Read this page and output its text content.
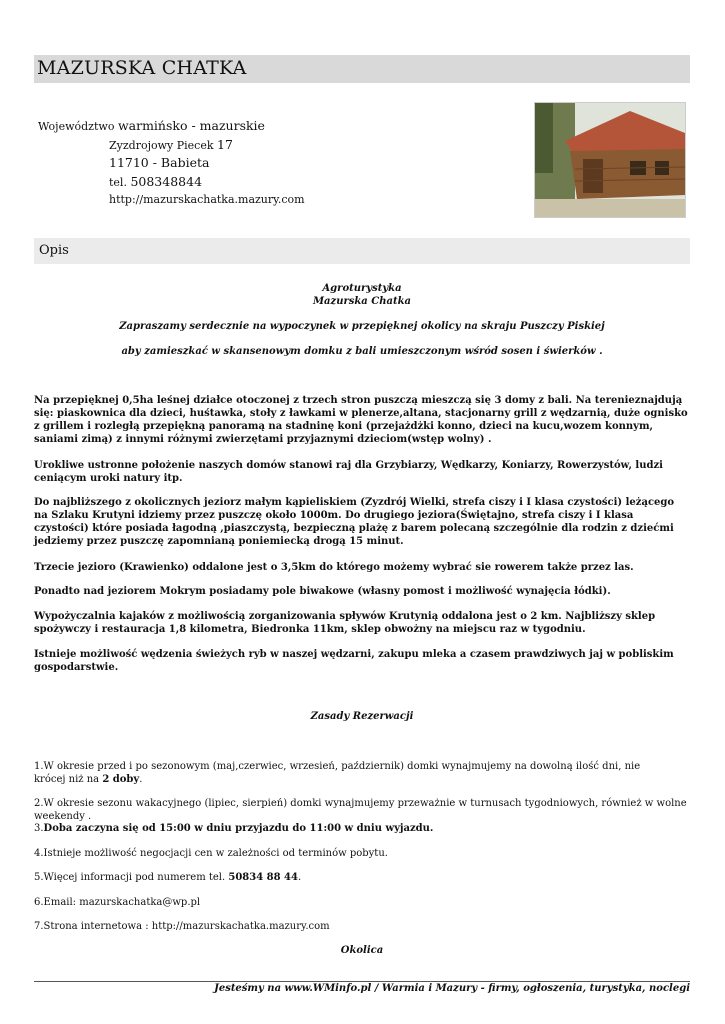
MAZURSKA CHATKA
Województwo warmińsko - mazurskie
Zyzdrojowy Piecek 17
11710 - Babieta
tel. 508348844
http://mazurskachatka.mazury.com
Opis
Agroturystyka
Mazurska Chatka
Zapraszamy serdecznie na wypoczynek w przepięknej okolicy na skraju Puszczy Piskiej
aby zamieszkać w skansenowym domku z bali umieszczonym wśród sosen i świerków .
Na przepięknej 0,5ha leśnej działce otoczonej z trzech stron puszczą mieszczą się 3 domy z bali. Na terenieznajdują się: piaskownica dla dzieci, huśtawka, stoły z ławkami w plenerze,altana, stacjonarny grill z wędzarnią, duże ognisko z grillem i rozległą przepiękną panoramą na stadninę koni (przejażdżki konno, dzieci na kucu,wozem konnym, saniami zimą) z innymi różnymi zwierzętami przyjaznymi dzieciom(wstęp wolny) .
Urokliwe ustronne położenie naszych domów stanowi raj dla Grzybiarzy, Wędkarzy, Koniarzy, Rowerzystów, ludzi ceniącym uroki natury itp.
Do najbliższego z okolicznych jeziorz małym kąpieliskiem (Zyzdrój Wielki, strefa ciszy i I klasa czystości) leżącego na Szlaku Krutyni idziemy przez puszczę około 1000m. Do drugiego jeziora(Świętajno, strefa ciszy i I klasa czystości) które posiada łagodną ,piaszczystą, bezpieczną plażę z barem polecaną szczególnie dla rodzin z dziećmi jedziemy przez puszczę zapomnianą poniemiecką drogą 15 minut.
Trzecie jezioro (Krawienko) oddalone jest o 3,5km do którego możemy wybrać sie rowerem także przez las.
Ponadto nad jeziorem Mokrym posiadamy pole biwakowe (własny pomost i możliwość wynajęcia łódki).
Wypożyczalnia kajaków z możliwością zorganizowania spływów Krutynią oddalona jest o 2 km. Najbliższy sklep spożywczy i restauracja 1,8 kilometra, Biedronka 11km, sklep obwożny na miejscu raz w tygodniu.
Istnieje możliwość wędzenia świeżych ryb w naszej wędzarni, zakupu mleka a czasem prawdziwych jaj w pobliskim gospodarstwie.
Zasady Rezerwacji
1.W okresie przed i po sezonowym (maj,czerwiec, wrzesień, październik) domki wynajmujemy na dowolną ilość dni, nie
krócej niż na 2 doby.
2.W okresie sezonu wakacyjnego (lipiec, sierpień) domki wynajmujemy przeważnie w turnusach tygodniowych, również w wolne weekendy .
3.Doba zaczyna się od 15:00 w dniu przyjazdu do 11:00 w dniu wyjazdu.
4.Istnieje możliwość negocjacji cen w zależności od terminów pobytu.
5.Więcej informacji pod numerem tel. 50834 88 44.
6.Email: mazurskachatka@wp.pl
7.Strona internetowa : http://mazurskachatka.mazury.com
Okolica
Jesteśmy na www.WMinfo.pl / Warmia i Mazury - firmy, ogłoszenia, turystyka, noclegi
